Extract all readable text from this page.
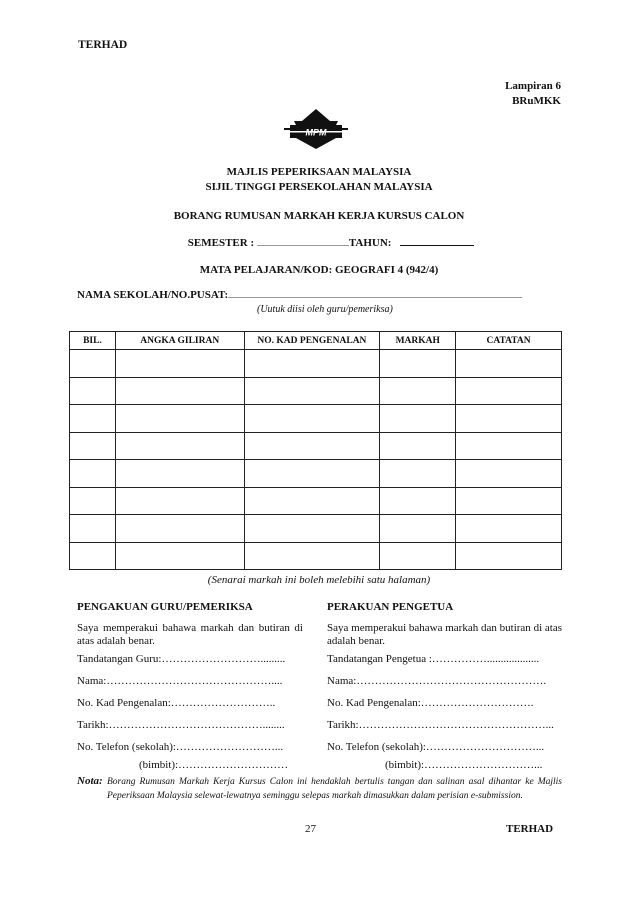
TERHAD
Lampiran 6
BRuMKK
MPM
MAJLIS PEPERIKSAAN MALAYSIA
SIJIL TINGGI PERSEKOLAHAN MALAYSIA
BORANG RUMUSAN MARKAH KERJA KURSUS CALON
SEMESTER :	TAHUN:
MATA PELAJARAN/KOD: GEOGRAFI 4 (942/4)
NAMA SEKOLAH/NO.PUSAT:
(Uutuk diisi oleh guru/pemeriksa)
BIL.	ANGKA GILIRAN	NO. KAD PENGENALAN	MARKAH	CATATAN

(Senarai markah ini boleh melebihi satu halaman)
PENGAKUAN GURU/PEMERIKSA
Saya memperakui bahawa markah dan butiran di atas adalah benar.
Tandatangan Guru:……………………….........
Nama:………………………………………....
No. Kad Pengenalan:………………………..
Tarikh:……………………………………........
No. Telefon (sekolah):………………………...
(bimbit):…………………………
PERAKUAN PENGETUA
Saya memperakui bahawa markah dan butiran di atas adalah benar.
Tandatangan Pengetua :……………...................
Nama:…………………………………………….
No. Kad Pengenalan:………………………….
Tarikh:……………………………………………...
No. Telefon (sekolah):…………………………...
(bimbit):…………………………...
Nota: Borang Rumusan Markah Kerja Kursus Calon ini hendaklah bertulis tangan dan salinan asal dihantar ke Majlis Peperiksaan Malaysia selewat-lewatnya seminggu selepas markah dimasukkan dalam perisian e-submission.
27	TERHAD
